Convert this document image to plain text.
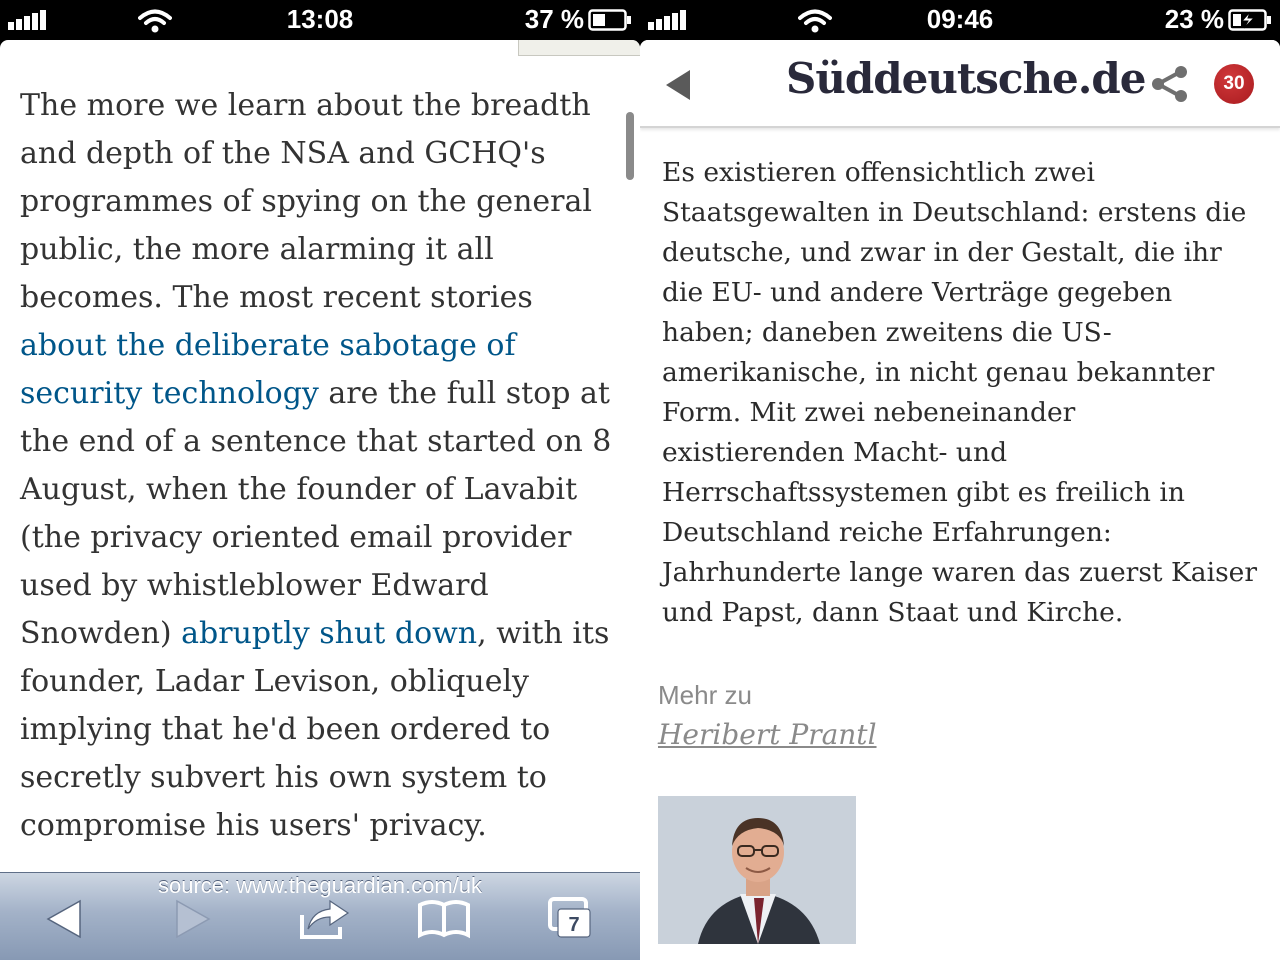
13:08	37 %
The more we learn about the breadth and depth of the NSA and GCHQ's programmes of spying on the general public, the more alarming it all becomes. The most recent stories about the deliberate sabotage of security technology are the full stop at the end of a sentence that started on 8 August, when the founder of Lavabit (the privacy oriented email provider used by whistleblower Edward Snowden) abruptly shut down, with its founder, Ladar Levison, obliquely implying that he'd been ordered to secretly subvert his own system to compromise his users' privacy.
source: www.theguardian.com/uk
7
09:46	23 %
Süddeutsche.de	30
Es existieren offensichtlich zwei Staatsgewalten in Deutschland: erstens die deutsche, und zwar in der Gestalt, die ihr die EU- und andere Verträge gegeben haben; daneben zweitens die US-amerikanische, in nicht genau bekannter Form. Mit zwei nebeneinander existierenden Macht- und Herrschaftssystemen gibt es freilich in Deutschland reiche Erfahrungen: Jahrhunderte lange waren das zuerst Kaiser und Papst, dann Staat und Kirche.
Mehr zu
Heribert Prantl
